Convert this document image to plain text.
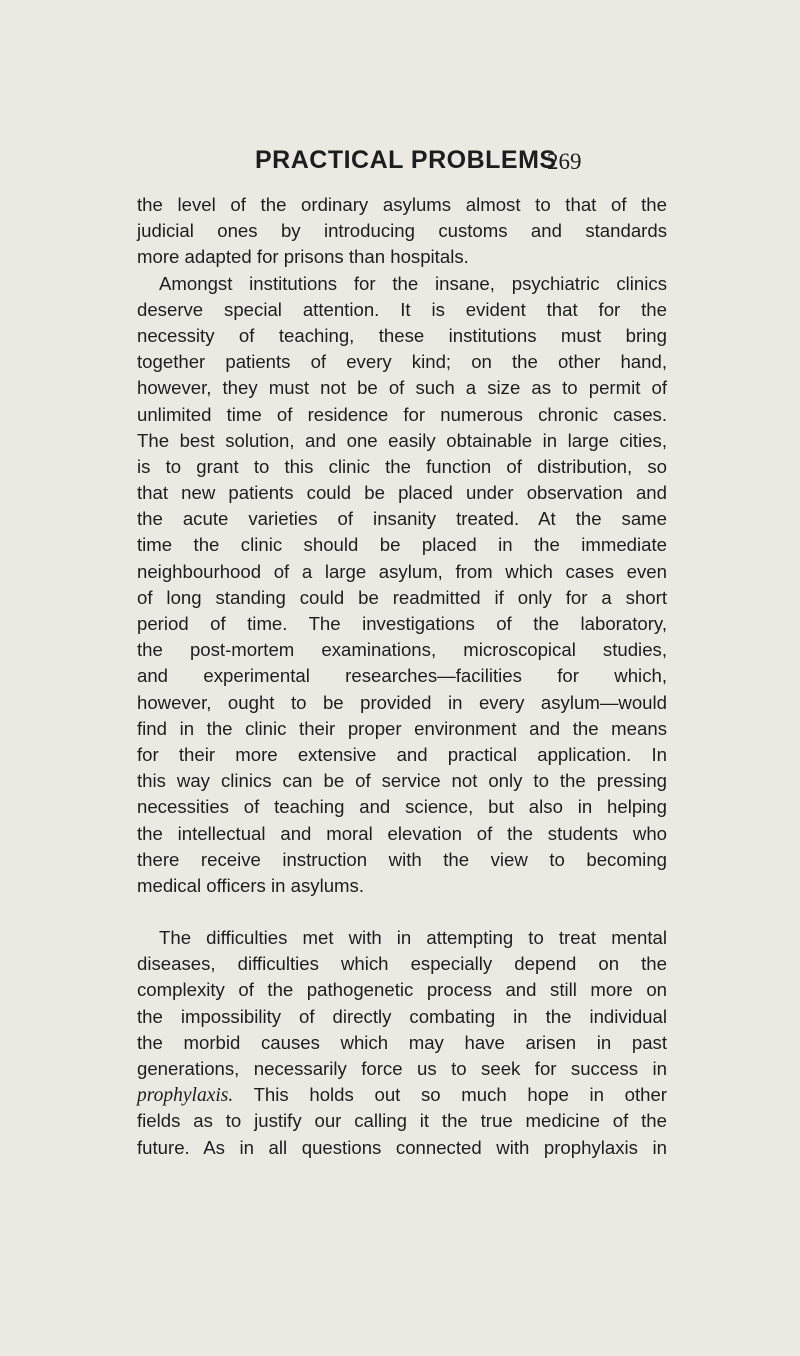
PRACTICAL PROBLEMS
269
the level of the ordinary asylums almost to that of the
judicial ones by introducing customs and standards
more adapted for prisons than hospitals.
Amongst institutions for the insane, psychiatric clinics
deserve special attention. It is evident that for the
necessity of teaching, these institutions must bring
together patients of every kind; on the other hand,
however, they must not be of such a size as to permit of
unlimited time of residence for numerous chronic cases.
The best solution, and one easily obtainable in large cities,
is to grant to this clinic the function of distribution, so
that new patients could be placed under observation and
the acute varieties of insanity treated. At the same
time the clinic should be placed in the immediate
neighbourhood of a large asylum, from which cases even
of long standing could be readmitted if only for a short
period of time. The investigations of the laboratory,
the post-mortem examinations, microscopical studies,
and experimental researches—facilities for which,
however, ought to be provided in every asylum—would
find in the clinic their proper environment and the means
for their more extensive and practical application. In
this way clinics can be of service not only to the pressing
necessities of teaching and science, but also in helping
the intellectual and moral elevation of the students who
there receive instruction with the view to becoming
medical officers in asylums.
The difficulties met with in attempting to treat mental
diseases, difficulties which especially depend on the
complexity of the pathogenetic process and still more on
the impossibility of directly combating in the individual
the morbid causes which may have arisen in past
generations, necessarily force us to seek for success in
prophylaxis. This holds out so much hope in other
fields as to justify our calling it the true medicine of the
future. As in all questions connected with prophylaxis in
